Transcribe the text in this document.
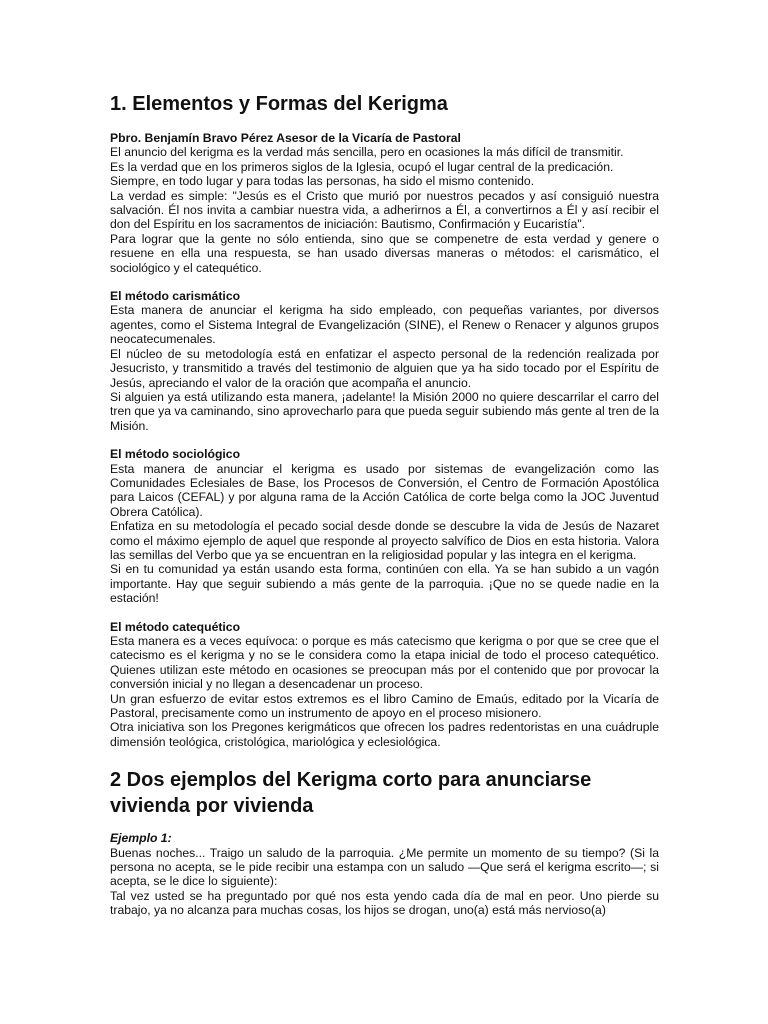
1. Elementos y Formas del Kerigma
Pbro. Benjamín Bravo Pérez Asesor de la Vicaría de Pastoral

El anuncio del kerigma es la verdad más sencilla, pero en ocasiones la más difícil de transmitir.

Es la verdad que en los primeros siglos de la Iglesia, ocupó el lugar central de la predicación.

Siempre, en todo lugar y para todas las personas, ha sido el mismo contenido.

La verdad es simple: "Jesús es el Cristo que murió por nuestros pecados y así consiguió nuestra salvación. Él nos invita a cambiar nuestra vida, a adherirnos a Él, a convertirnos a Él y así recibir el don del Espíritu en los sacramentos de iniciación: Bautismo, Confirmación y Eucaristía".

Para lograr que la gente no sólo entienda, sino que se compenetre de esta verdad y genere o resuene en ella una respuesta, se han usado diversas maneras o métodos: el carismático, el sociológico y el catequético.

El método carismático

Esta manera de anunciar el kerigma ha sido empleado, con pequeñas variantes, por diversos agentes, como el Sistema Integral de Evangelización (SINE), el Renew o Renacer y algunos grupos neocatecumenales.

El núcleo de su metodología está en enfatizar el aspecto personal de la redención realizada por Jesucristo, y transmitido a través del testimonio de alguien que ya ha sido tocado por el Espíritu de Jesús, apreciando el valor de la oración que acompaña el anuncio.

Si alguien ya está utilizando esta manera, ¡adelante! la Misión 2000 no quiere descarrilar el carro del tren que ya va caminando, sino aprovecharlo para que pueda seguir subiendo más gente al tren de la Misión.

El método sociológico

Esta manera de anunciar el kerigma es usado por sistemas de evangelización como las Comunidades Eclesiales de Base, los Procesos de Conversión, el Centro de Formación Apostólica para Laicos (CEFAL) y por alguna rama de la Acción Católica de corte belga como la JOC Juventud Obrera Católica).

Enfatiza en su metodología el pecado social desde donde se descubre la vida de Jesús de Nazaret como el máximo ejemplo de aquel que responde al proyecto salvífico de Dios en esta historia. Valora las semillas del Verbo que ya se encuentran en la religiosidad popular y las integra en el kerigma.

Si en tu comunidad ya están usando esta forma, continúen con ella. Ya se han subido a un vagón importante. Hay que seguir subiendo a más gente de la parroquia. ¡Que no se quede nadie en la estación!

El método catequético

Esta manera es a veces equívoca: o porque es más catecismo que kerigma o por que se cree que el catecismo es el kerigma y no se le considera como la etapa inicial de todo el proceso catequético. Quienes utilizan este método en ocasiones se preocupan más por el contenido que por provocar la conversión inicial y no llegan a desencadenar un proceso.

Un gran esfuerzo de evitar estos extremos es el libro Camino de Emaús, editado por la Vicaría de Pastoral, precisamente como un instrumento de apoyo en el proceso misionero.

Otra iniciativa son los Pregones kerigmáticos que ofrecen los padres redentoristas en una cuádruple dimensión teológica, cristológica, mariológica y eclesiológica.

2 Dos ejemplos del Kerigma corto para anunciarse vivienda por vivienda
Ejemplo 1:

Buenas noches... Traigo un saludo de la parroquia. ¿Me permite un momento de su tiempo? (Si la persona no acepta, se le pide recibir una estampa con un saludo —Que será el kerigma escrito—; si acepta, se le dice lo siguiente):

Tal vez usted se ha preguntado por qué nos esta yendo cada día de mal en peor. Uno pierde su trabajo, ya no alcanza para muchas cosas, los hijos se drogan, uno(a) está más nervioso(a)
